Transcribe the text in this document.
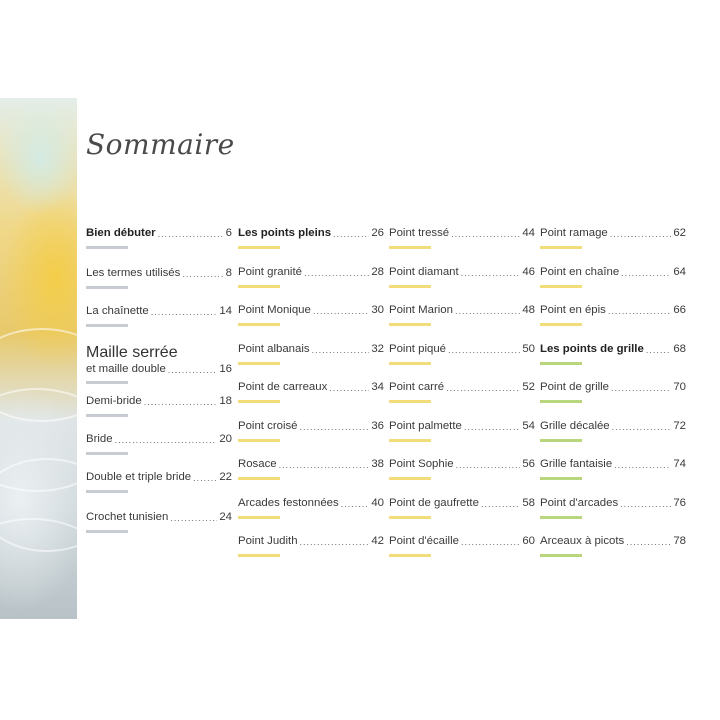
Sommaire
Bien débuter .....	6
Les termes utilisés .....	8
La chaînette .....	14
Maille serrée
et maille double .....	16
Demi-bride .....	18
Bride .....	20
Double et triple bride ..... 22
Crochet tunisien .....	24
Les points pleins .....	26
Point granité .....	28
Point Monique .....	30
Point albanais .....	32
Point de carreaux .....	34
Point croisé .....	36
Rosace .....	38
Arcades festonnées .....	40
Point Judith .....	42
Point tressé .....	44
Point diamant .....	46
Point Marion .....	48
Point piqué .....	50
Point carré .....	52
Point palmette .....	54
Point Sophie .....	56
Point de gaufrette .....	58
Point d'écaille .....	60
Point ramage .....	62
Point en chaîne .....	64
Point en épis .....	66
Les points de grille .....	68
Point de grille .....	70
Grille décalée .....	72
Grille fantaisie .....	74
Point d'arcades .....	76
Arceaux à picots .....	78
